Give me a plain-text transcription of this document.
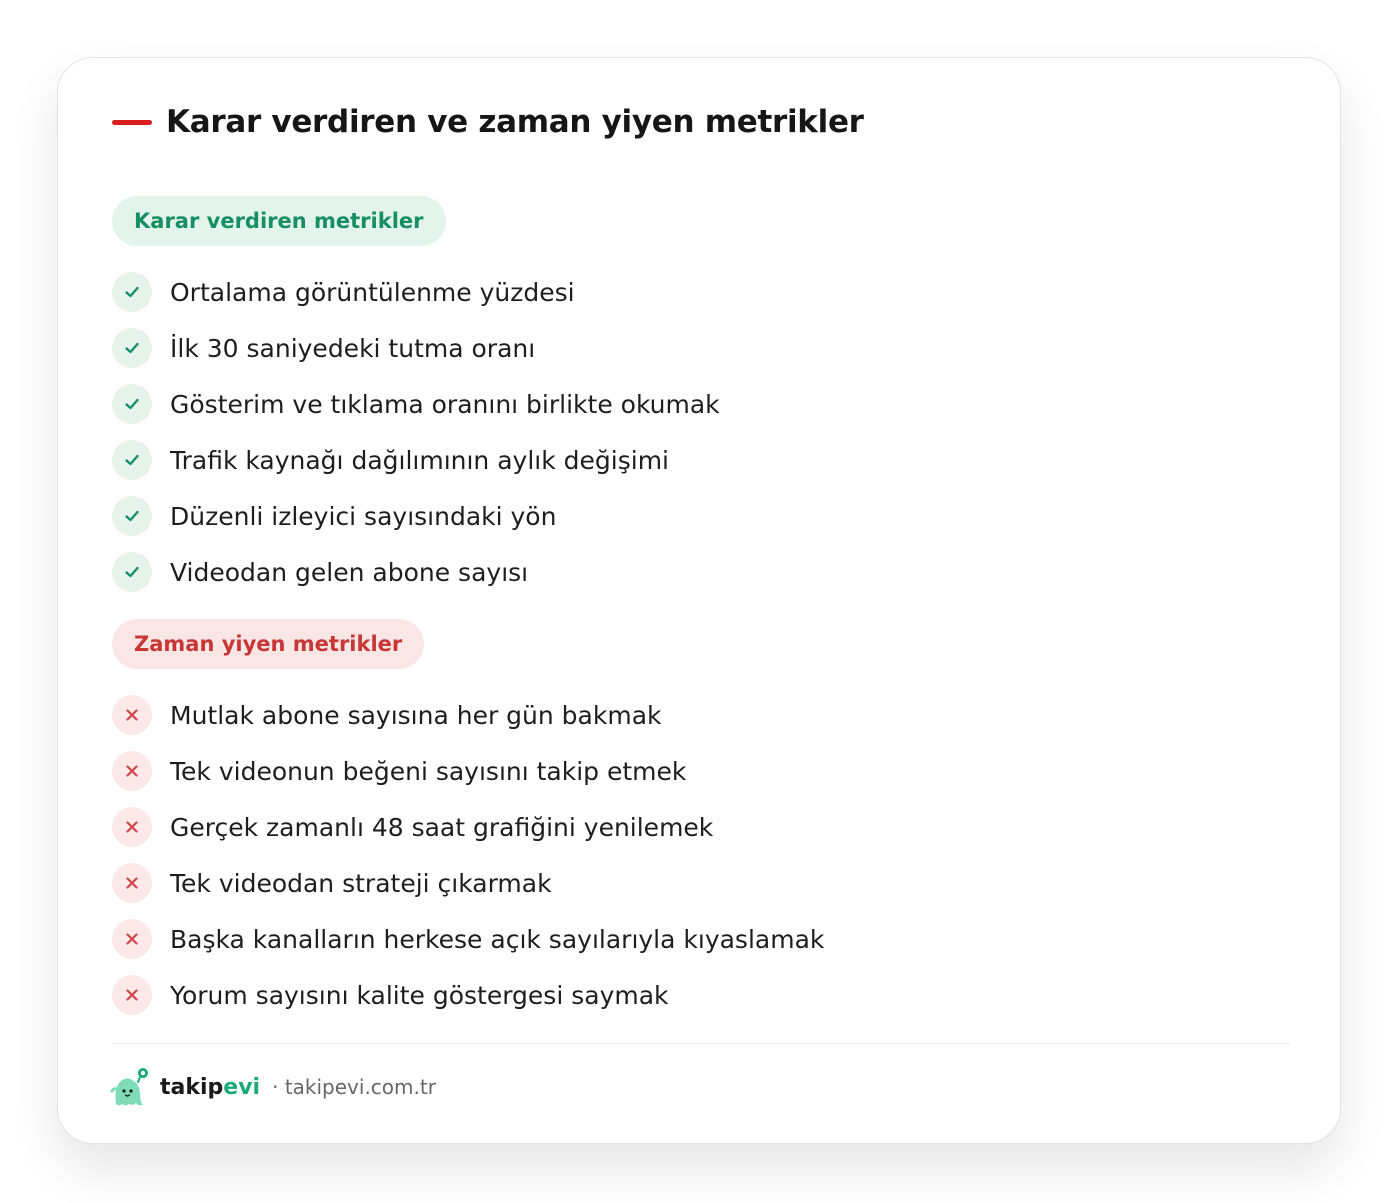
Karar verdiren ve zaman yiyen metrikler
Karar verdiren metrikler
Ortalama görüntülenme yüzdesi
İlk 30 saniyedeki tutma oranı
Gösterim ve tıklama oranını birlikte okumak
Trafik kaynağı dağılımının aylık değişimi
Düzenli izleyici sayısındaki yön
Videodan gelen abone sayısı
Zaman yiyen metrikler
Mutlak abone sayısına her gün bakmak
Tek videonun beğeni sayısını takip etmek
Gerçek zamanlı 48 saat grafiğini yenilemek
Tek videodan strateji çıkarmak
Başka kanalların herkese açık sayılarıyla kıyaslamak
Yorum sayısını kalite göstergesi saymak
takipevi · takipevi.com.tr
